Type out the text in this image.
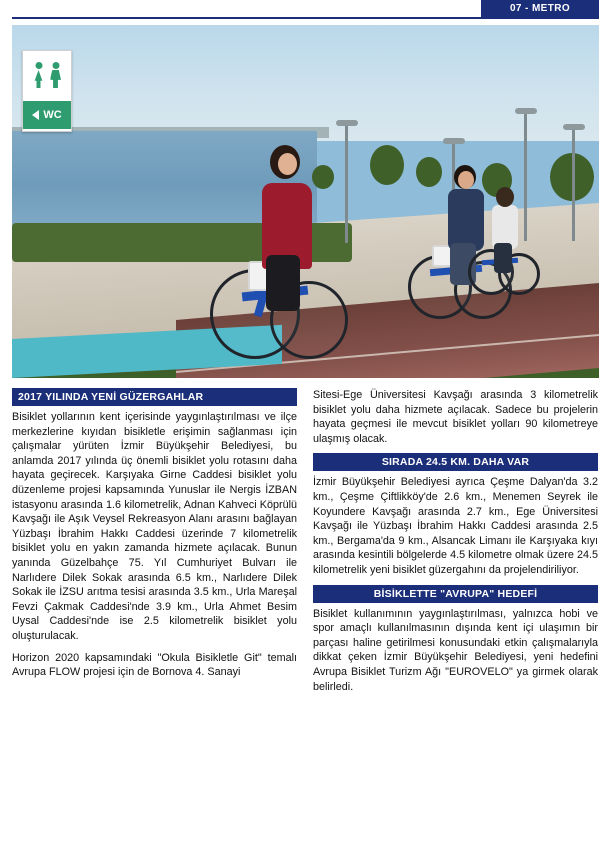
07 - METRO
WC
2017 YILINDA YENİ GÜZERGAHLAR

Bisiklet yollarının kent içerisinde yaygınlaştırılması ve ilçe merkezlerine kıyıdan bisikletle erişimin sağlanması için çalışmalar yürüten İzmir Büyükşehir Belediyesi, bu anlamda 2017 yılında üç önemli bisiklet yolu rotasını daha hayata geçirecek. Karşıyaka Girne Caddesi bisiklet yolu düzenleme projesi kapsamında Yunuslar ile Nergis İZBAN istasyonu arasında 1.6 kilometrelik, Adnan Kahveci Köprülü Kavşağı ile Aşık Veysel Rekreasyon Alanı arasını bağlayan Yüzbaşı İbrahim Hakkı Caddesi üzerinde 7 kilometrelik bisiklet yolu en yakın zamanda hizmete açılacak. Bunun yanında Güzelbahçe 75. Yıl Cumhuriyet Bulvarı ile Narlıdere Dilek Sokak arasında 6.5 km., Narlıdere Dilek Sokak ile İZSU arıtma tesisi arasında 3.5 km., Urla Mareşal Fevzi Çakmak Caddesi'nde 3.9 km., Urla Ahmet Besim Uysal Caddesi'nde ise 2.5 kilometrelik bisiklet yolu oluşturulacak.

Horizon 2020 kapsamındaki "Okula Bisikletle Git" temalı Avrupa FLOW projesi için de Bornova 4. Sanayi

Sitesi-Ege Üniversitesi Kavşağı arasında 3 kilometrelik bisiklet yolu daha hizmete açılacak. Sadece bu projelerin hayata geçmesi ile mevcut bisiklet yolları 90 kilometreye ulaşmış olacak.

SIRADA 24.5 KM. DAHA VAR

İzmir Büyükşehir Belediyesi ayrıca Çeşme Dalyan'da 3.2 km., Çeşme Çiftlikköy'de 2.6 km., Menemen Seyrek ile Koyundere Kavşağı arasında 2.7 km., Ege Üniversitesi Kavşağı ile Yüzbaşı İbrahim Hakkı Caddesi arasında 2.5 km., Bergama'da 9 km., Alsancak Limanı ile Karşıyaka kıyı arasında kesintili bölgelerde 4.5 kilometre olmak üzere 24.5 kilometrelik yeni bisiklet güzergahını da projelendiriliyor.

BİSİKLETTE "AVRUPA" HEDEFİ

Bisiklet kullanımının yaygınlaştırılması, yalnızca hobi ve spor amaçlı kullanılmasının dışında kent içi ulaşımın bir parçası haline getirilmesi konusundaki etkin çalışmalarıyla dikkat çeken İzmir Büyükşehir Belediyesi, yeni hedefini Avrupa Bisiklet Turizm Ağı "EUROVELO" ya girmek olarak belirledi.
